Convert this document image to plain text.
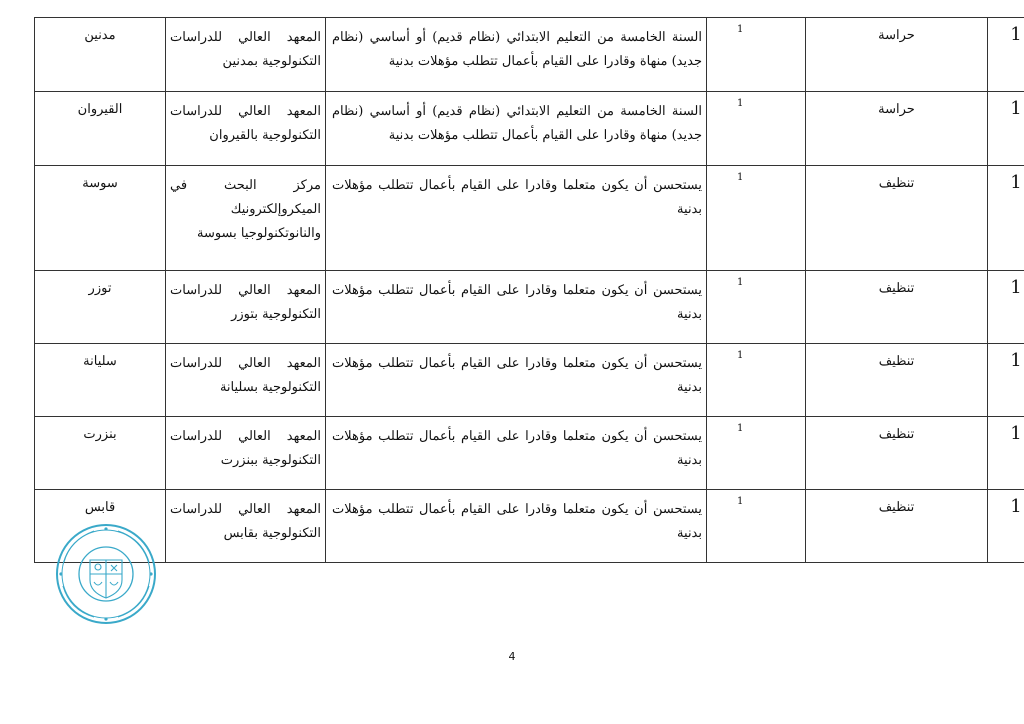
مدنين	المعهد العالي للدراسات التكنولوجية بمدنين	السنة الخامسة من التعليم الابتدائي (نظام قديم) أو أساسي (نظام جديد) منهاة وقادرا على القيام بأعمال تتطلب مؤهلات بدنية	1	حراسة	1
القيروان	المعهد العالي للدراسات التكنولوجية بالقيروان	السنة الخامسة من التعليم الابتدائي (نظام قديم) أو أساسي (نظام جديد) منهاة وقادرا على القيام بأعمال تتطلب مؤهلات بدنية	1	حراسة	1
سوسة	مركز البحث في الميكروإلكترونيك والنانوتكنولوجيا بسوسة	يستحسن أن يكون متعلما وقادرا على القيام بأعمال تتطلب مؤهلات بدنية	1	تنظيف	1
توزر	المعهد العالي للدراسات التكنولوجية بتوزر	يستحسن أن يكون متعلما وقادرا على القيام بأعمال تتطلب مؤهلات بدنية	1	تنظيف	1
سليانة	المعهد العالي للدراسات التكنولوجية بسليانة	يستحسن أن يكون متعلما وقادرا على القيام بأعمال تتطلب مؤهلات بدنية	1	تنظيف	1
بنزرت	المعهد العالي للدراسات التكنولوجية ببنزرت	يستحسن أن يكون متعلما وقادرا على القيام بأعمال تتطلب مؤهلات بدنية	1	تنظيف	1
قابس	المعهد العالي للدراسات التكنولوجية بقابس	يستحسن أن يكون متعلما وقادرا على القيام بأعمال تتطلب مؤهلات بدنية	1	تنظيف	1
4
